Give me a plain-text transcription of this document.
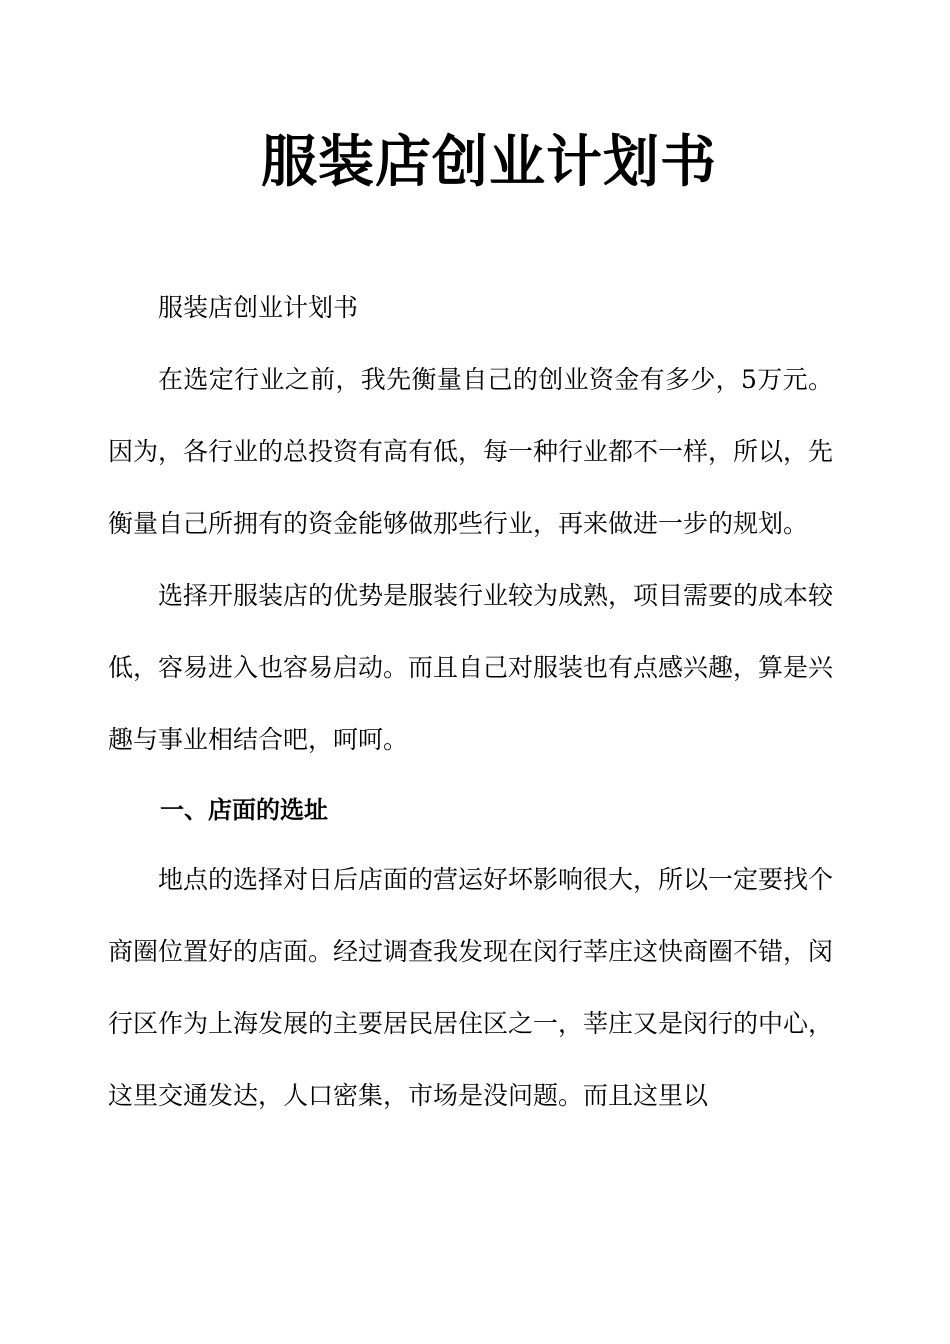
服装店创业计划书

服装店创业计划书

在选定行业之前，我先衡量自己的创业资金有多少，5万元。因为，各行业的总投资有高有低，每一种行业都不一样，所以，先衡量自己所拥有的资金能够做那些行业，再来做进一步的规划。

选择开服装店的优势是服装行业较为成熟，项目需要的成本较低，容易进入也容易启动。而且自己对服装也有点感兴趣，算是兴趣与事业相结合吧，呵呵。

一、店面的选址

地点的选择对日后店面的营运好坏影响很大，所以一定要找个商圈位置好的店面。经过调查我发现在闵行莘庄这快商圈不错，闵行区作为上海发展的主要居民居住区之一，莘庄又是闵行的中心，这里交通发达，人口密集，市场是没问题。而且这里以
